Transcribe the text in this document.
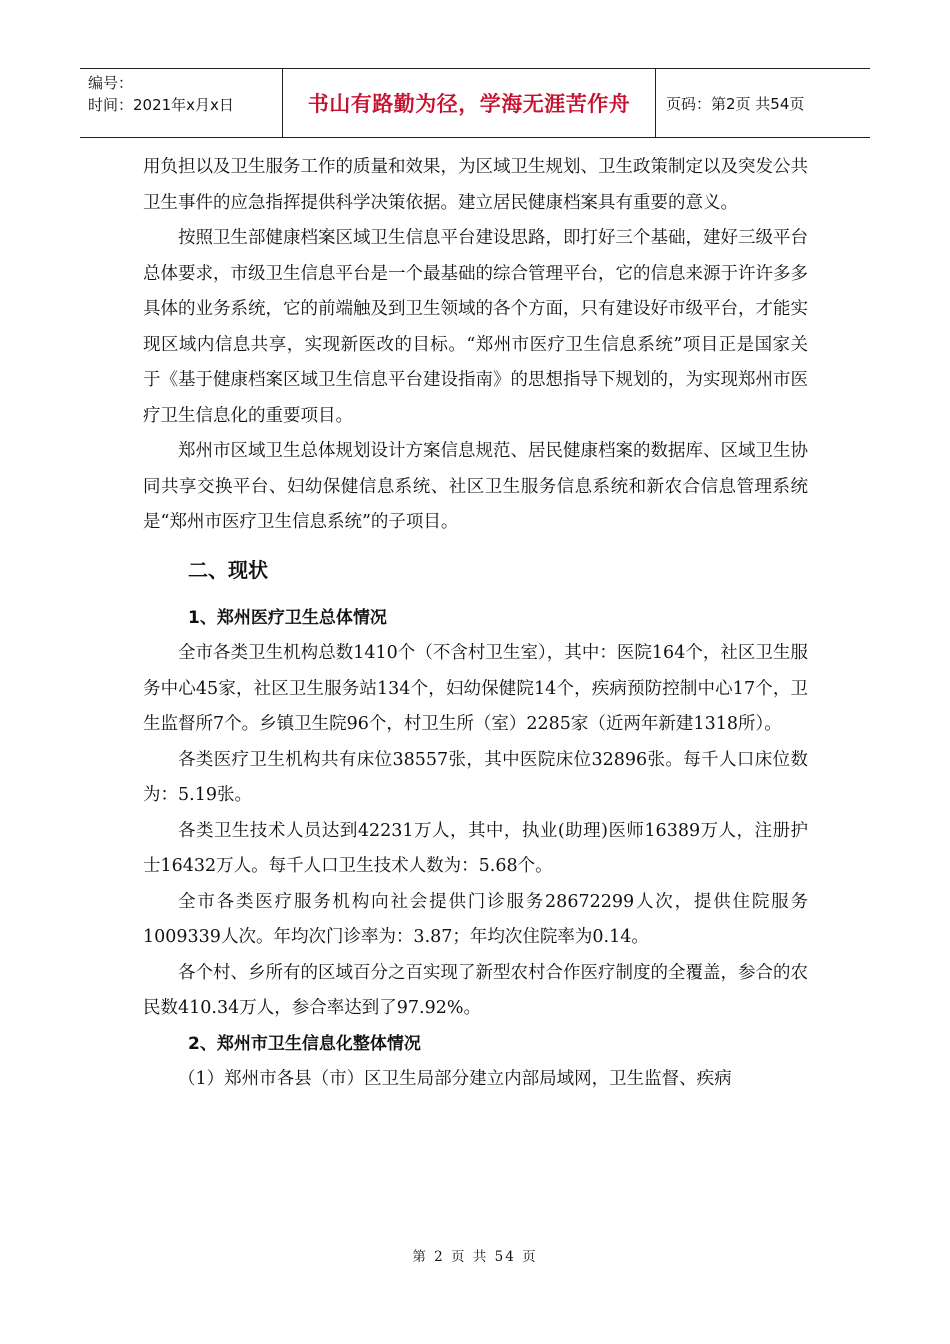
编号：
时间：2021年x月x日	书山有路勤为径，学海无涯苦作舟	页码：第2页 共54页

用负担以及卫生服务工作的质量和效果，为区域卫生规划、卫生政策制定以及突发公共卫生事件的应急指挥提供科学决策依据。建立居民健康档案具有重要的意义。

按照卫生部健康档案区域卫生信息平台建设思路，即打好三个基础，建好三级平台总体要求，市级卫生信息平台是一个最基础的综合管理平台，它的信息来源于许许多多具体的业务系统，它的前端触及到卫生领域的各个方面，只有建设好市级平台，才能实现区域内信息共享，实现新医改的目标。“郑州市医疗卫生信息系统”项目正是国家关于《基于健康档案区域卫生信息平台建设指南》的思想指导下规划的，为实现郑州市医疗卫生信息化的重要项目。

郑州市区域卫生总体规划设计方案信息规范、居民健康档案的数据库、区域卫生协同共享交换平台、妇幼保健信息系统、社区卫生服务信息系统和新农合信息管理系统是“郑州市医疗卫生信息系统”的子项目。

二、现状
1、郑州医疗卫生总体情况

全市各类卫生机构总数1410个（不含村卫生室），其中：医院164个，社区卫生服务中心45家，社区卫生服务站134个，妇幼保健院14个，疾病预防控制中心17个，卫生监督所7个。乡镇卫生院96个，村卫生所（室）2285家（近两年新建1318所）。

各类医疗卫生机构共有床位38557张，其中医院床位32896张。每千人口床位数为：5.19张。

各类卫生技术人员达到42231万人，其中，执业(助理)医师16389万人，注册护士16432万人。每千人口卫生技术人数为：5.68个。

全市各类医疗服务机构向社会提供门诊服务28672299人次，提供住院服务1009339人次。年均次门诊率为：3.87；年均次住院率为0.14。

各个村、乡所有的区域百分之百实现了新型农村合作医疗制度的全覆盖，参合的农民数410.34万人，参合率达到了97.92%。

2、郑州市卫生信息化整体情况

（1）郑州市各县（市）区卫生局部分建立内部局域网，卫生监督、疾病

第 2 页 共 54 页
